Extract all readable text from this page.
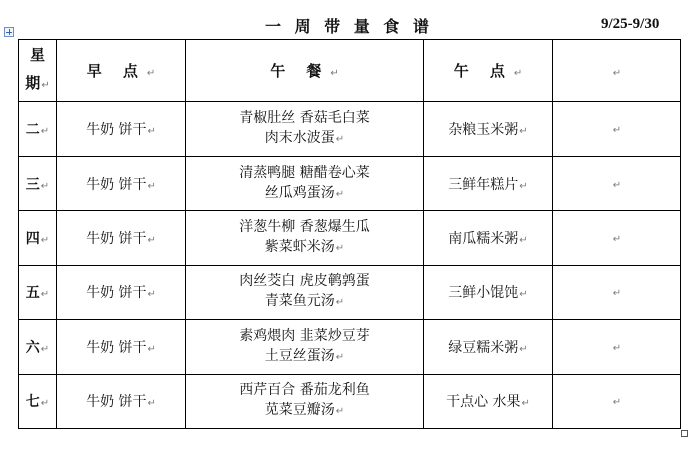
一 周 带 量 食 谱	9/25-9/30
星
期↵	早 点↵	午 餐↵	午 点↵	↵
二↵	牛奶 饼干↵	青椒肚丝 香菇毛白菜
肉末水波蛋↵	杂粮玉米粥↵	↵
三↵	牛奶 饼干↵	清蒸鸭腿 糖醋卷心菜
丝瓜鸡蛋汤↵	三鲜年糕片↵	↵
四↵	牛奶 饼干↵	洋葱牛柳 香葱爆生瓜
紫菜虾米汤↵	南瓜糯米粥↵	↵
五↵	牛奶 饼干↵	肉丝茭白 虎皮鹌鹑蛋
青菜鱼元汤↵	三鲜小馄饨↵	↵
六↵	牛奶 饼干↵	素鸡煨肉 韭菜炒豆芽
土豆丝蛋汤↵	绿豆糯米粥↵	↵
七↵	牛奶 饼干↵	西芹百合 番茄龙利鱼
苋菜豆瓣汤↵	干点心 水果↵	↵
